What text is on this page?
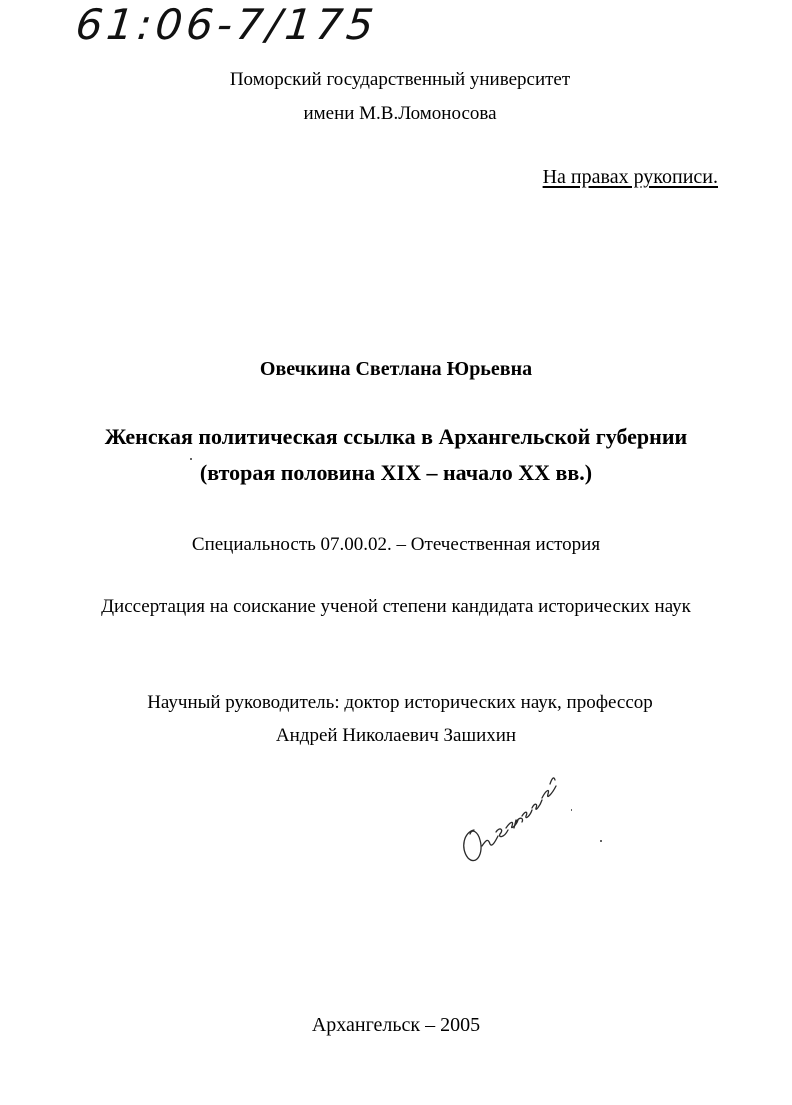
61:06-7/175
Поморский государственный университет
имени М.В.Ломоносова
На правах рукописи.
Овечкина Светлана Юрьевна
Женская политическая ссылка в Архангельской губернии
(вторая половина XIX – начало XX вв.)
Специальность 07.00.02. – Отечественная история
Диссертация на соискание ученой степени кандидата исторических наук
Научный руководитель: доктор исторических наук, профессор
Андрей Николаевич Зашихин
Архангельск – 2005
